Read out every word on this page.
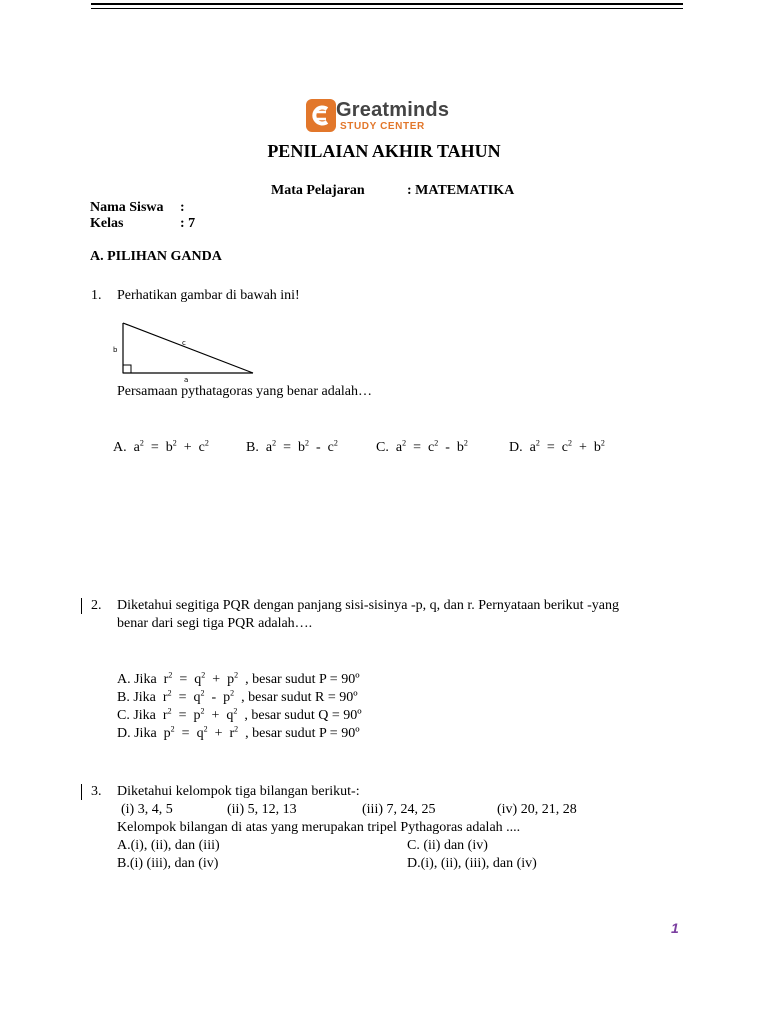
Greatminds
STUDY CENTER
PENILAIAN AKHIR TAHUN
Mata Pelajaran	: MATEMATIKA
Nama Siswa :
Kelas	: 7
A. PILIHAN GANDA
1. Perhatikan gambar di bawah ini!
b
c
a
Persamaan pythatagoras yang benar adalah…
A. $a^2 = b^2 + c^2$	B. $a^2 = b^2 - c^2$	C. $a^2 = c^2 - b^2$	D. $a^2 = c^2 + b^2$
2. Diketahui segitiga PQR dengan panjang sisi-sisinya -p, q, dan r. Pernyataan berikut -yang
benar dari segi tiga PQR adalah….
A. Jika $r^2 = q^2 + p^2$ , besar sudut P = 90º
B. Jika $r^2 = q^2 - p^2$ , besar sudut R = 90º
C. Jika $r^2 = p^2 + q^2$ , besar sudut Q = 90º
D. Jika $p^2 = q^2 + r^2$ , besar sudut P = 90º
3. Diketahui kelompok tiga bilangan berikut-:
(i) 3, 4, 5	(ii) 5, 12, 13	(iii) 7, 24, 25	(iv) 20, 21, 28
Kelompok bilangan di atas yang merupakan tripel Pythagoras adalah ....
A.(i), (ii), dan (iii)	C. (ii) dan (iv)
B.(i) (iii), dan (iv)	D.(i), (ii), (iii), dan (iv)
1
